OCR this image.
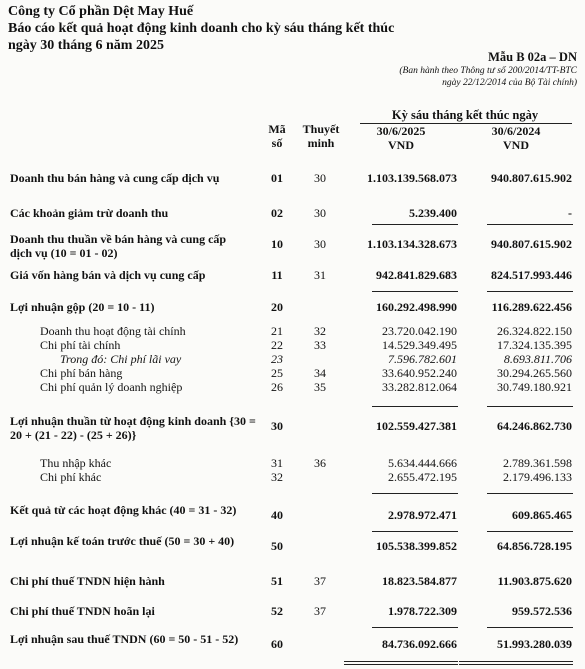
Công ty Cổ phần Dệt May Huế
Báo cáo kết quả hoạt động kinh doanh cho kỳ sáu tháng kết thúc
ngày 30 tháng 6 năm 2025
Mẫu B 02a – DN
(Ban hành theo Thông tư số 200/2014/TT-BTC
ngày 22/12/2014 của Bộ Tài chính)
Mã
số
Thuyết
minh
Kỳ sáu tháng kết thúc ngày
30/6/2025
VND
30/6/2024
VND
Doanh thu bán hàng và cung cấp dịch vụ	01	30	1.103.139.568.073	940.807.615.902
Các khoản giảm trừ doanh thu	02	30	5.239.400	-
Doanh thu thuần về bán hàng và cung cấp dịch vụ (10 = 01 - 02)
10	30	1.103.134.328.673	940.807.615.902
Giá vốn hàng bán và dịch vụ cung cấp	11	31	942.841.829.683	824.517.993.446
Lợi nhuận gộp (20 = 10 - 11)	20	160.292.498.990	116.289.622.456
Doanh thu hoạt động tài chính	21	32	23.720.042.190	26.324.822.150
Chi phí tài chính	22	33	14.529.349.495	17.324.135.395
Trong đó: Chi phí lãi vay	23	7.596.782.601	8.693.811.706
Chi phí bán hàng	25	34	33.640.952.240	30.294.265.560
Chi phí quản lý doanh nghiệp	26	35	33.282.812.064	30.749.180.921
Lợi nhuận thuần từ hoạt động kinh doanh {30 = 20 + (21 - 22) - (25 + 26)}
30	102.559.427.381	64.246.862.730
Thu nhập khác	31	36	5.634.444.666	2.789.361.598
Chi phí khác	32	2.655.472.195	2.179.496.133
Kết quả từ các hoạt động khác (40 = 31 - 32)	40	2.978.972.471	609.865.465
Lợi nhuận kế toán trước thuế (50 = 30 + 40)	50	105.538.399.852	64.856.728.195
Chi phí thuế TNDN hiện hành	51	37	18.823.584.877	11.903.875.620
Chi phí thuế TNDN hoãn lại	52	37	1.978.722.309	959.572.536
Lợi nhuận sau thuế TNDN (60 = 50 - 51 - 52)	60	84.736.092.666	51.993.280.039
